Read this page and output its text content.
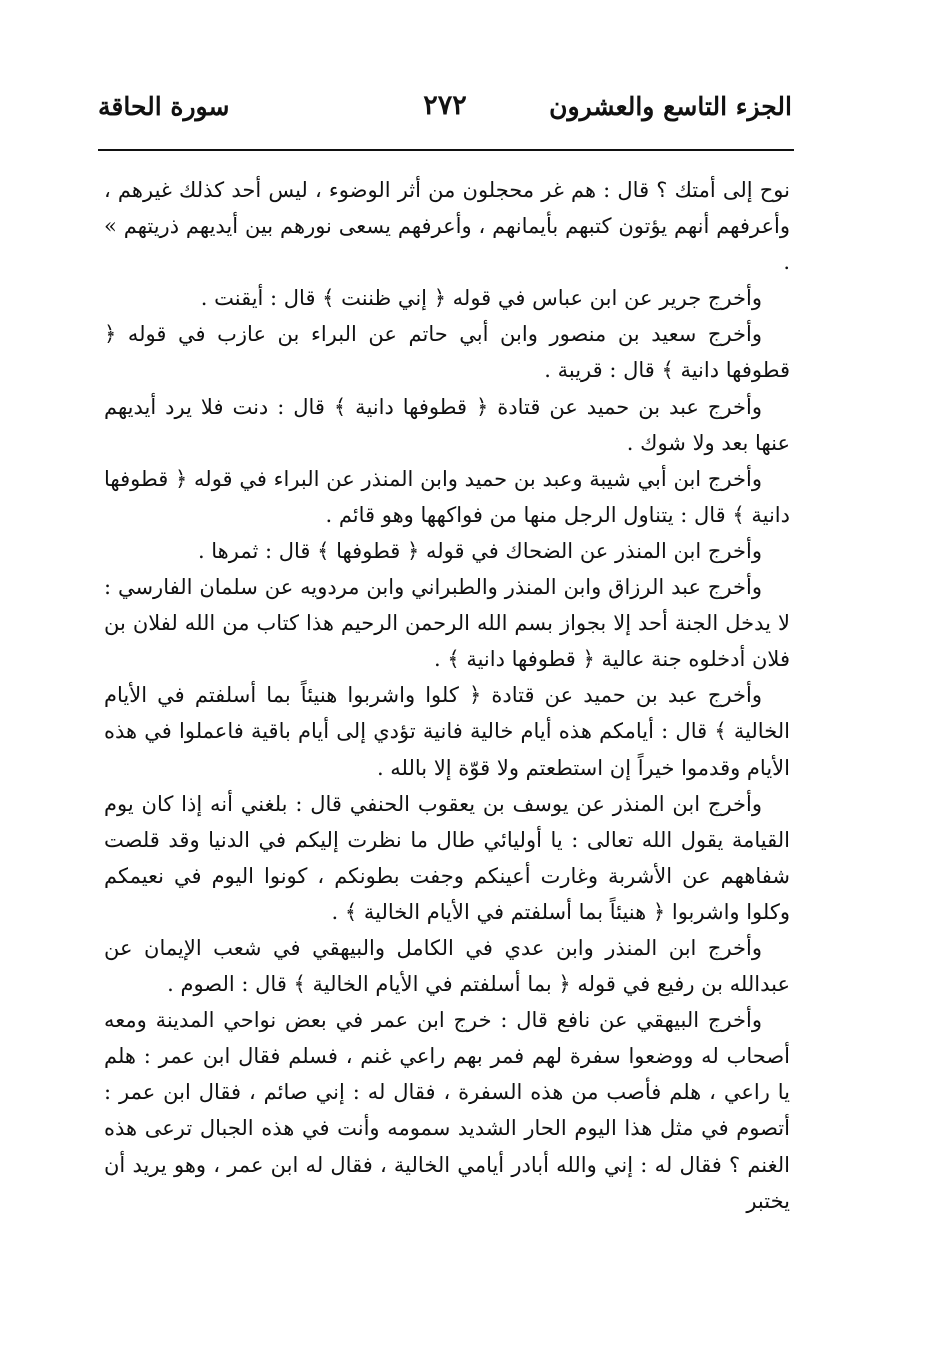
الجزء التاسع والعشرون
٢٧٢
سورة الحاقة

نوح إلى أمتك ؟ قال : هم غر محجلون من أثر الوضوء ، ليس أحد كذلك غيرهم ، وأعرفهم أنهم يؤتون كتبهم بأيمانهم ، وأعرفهم يسعى نورهم بين أيديهم ذريتهم » .

وأخرج جرير عن ابن عباس في قوله ﴿ إني ظننت ﴾ قال : أيقنت .

وأخرج سعيد بن منصور وابن أبي حاتم عن البراء بن عازب في قوله ﴿ قطوفها دانية ﴾ قال : قريبة .

وأخرج عبد بن حميد عن قتادة ﴿ قطوفها دانية ﴾ قال : دنت فلا يرد أيديهم عنها بعد ولا شوك .

وأخرج ابن أبي شيبة وعبد بن حميد وابن المنذر عن البراء في قوله ﴿ قطوفها دانية ﴾ قال : يتناول الرجل منها من فواكهها وهو قائم .

وأخرج ابن المنذر عن الضحاك في قوله ﴿ قطوفها ﴾ قال : ثمرها .

وأخرج عبد الرزاق وابن المنذر والطبراني وابن مردويه عن سلمان الفارسي : لا يدخل الجنة أحد إلا بجواز بسم الله الرحمن الرحيم هذا كتاب من الله لفلان بن فلان أدخلوه جنة عالية ﴿ قطوفها دانية ﴾ .

وأخرج عبد بن حميد عن قتادة ﴿ كلوا واشربوا هنيئاً بما أسلفتم في الأيام الخالية ﴾ قال : أيامكم هذه أيام خالية فانية تؤدي إلى أيام باقية فاعملوا في هذه الأيام وقدموا خيراً إن استطعتم ولا قوّة إلا بالله .

وأخرج ابن المنذر عن يوسف بن يعقوب الحنفي قال : بلغني أنه إذا كان يوم القيامة يقول الله تعالى : يا أوليائي طال ما نظرت إليكم في الدنيا وقد قلصت شفاههم عن الأشربة وغارت أعينكم وجفت بطونكم ، كونوا اليوم في نعيمكم وكلوا واشربوا ﴿ هنيئاً بما أسلفتم في الأيام الخالية ﴾ .

وأخرج ابن المنذر وابن عدي في الكامل والبيهقي في شعب الإيمان عن عبدالله بن رفيع في قوله ﴿ بما أسلفتم في الأيام الخالية ﴾ قال : الصوم .

وأخرج البيهقي عن نافع قال : خرج ابن عمر في بعض نواحي المدينة ومعه أصحاب له ووضعوا سفرة لهم فمر بهم راعي غنم ، فسلم فقال ابن عمر : هلم يا راعي ، هلم فأصب من هذه السفرة ، فقال له : إني صائم ، فقال ابن عمر : أتصوم في مثل هذا اليوم الحار الشديد سمومه وأنت في هذه الجبال ترعى هذه الغنم ؟ فقال له : إني والله أبادر أيامي الخالية ، فقال له ابن عمر ، وهو يريد أن يختبر
